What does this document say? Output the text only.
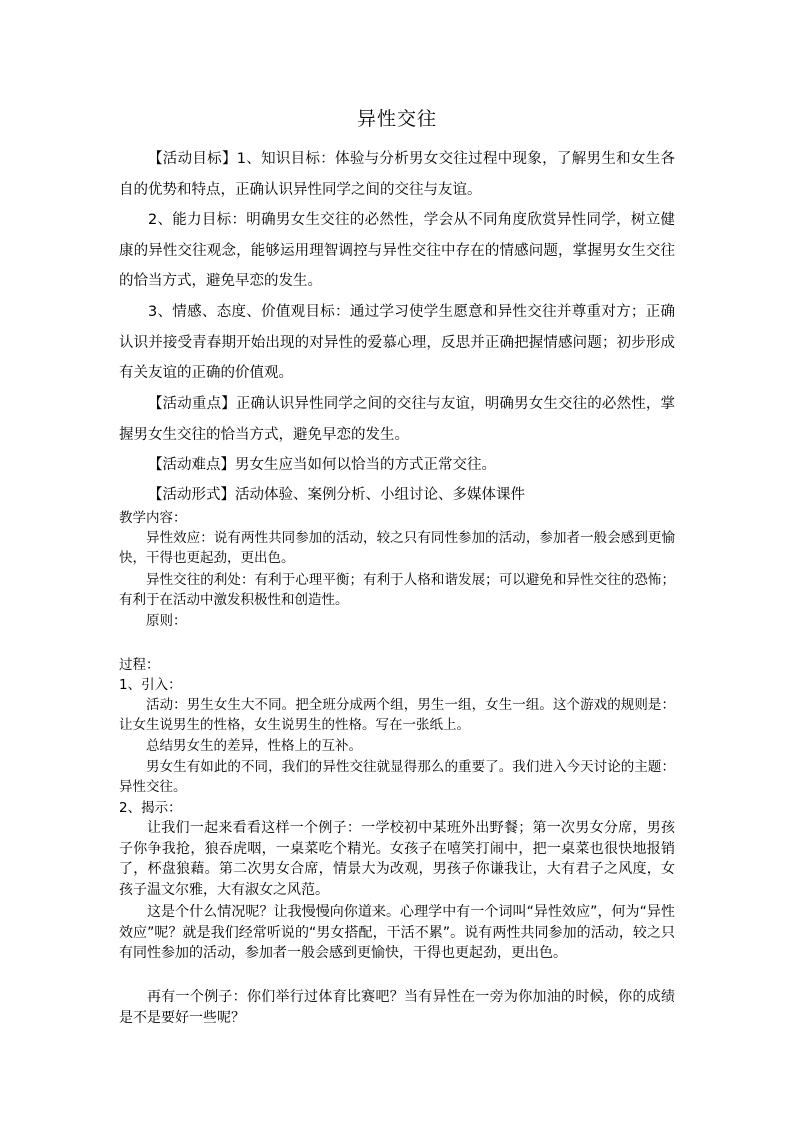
异性交往

【活动目标】1、知识目标：体验与分析男女交往过程中现象，了解男生和女生各自的优势和特点，正确认识异性同学之间的交往与友谊。

2、能力目标：明确男女生交往的必然性，学会从不同角度欣赏异性同学，树立健康的异性交往观念，能够运用理智调控与异性交往中存在的情感问题，掌握男女生交往的恰当方式，避免早恋的发生。

3、情感、态度、价值观目标：通过学习使学生愿意和异性交往并尊重对方；正确认识并接受青春期开始出现的对异性的爱慕心理，反思并正确把握情感问题；初步形成有关友谊的正确的价值观。

【活动重点】正确认识异性同学之间的交往与友谊，明确男女生交往的必然性，掌握男女生交往的恰当方式，避免早恋的发生。

【活动难点】男女生应当如何以恰当的方式正常交往。

【活动形式】活动体验、案例分析、小组讨论、多媒体课件

教学内容：

异性效应：说有两性共同参加的活动，较之只有同性参加的活动，参加者一般会感到更愉快，干得也更起劲，更出色。

异性交往的利处：有利于心理平衡；有利于人格和谐发展；可以避免和异性交往的恐怖；有利于在活动中激发积极性和创造性。

原则：

过程：

1、引入：

活动：男生女生大不同。把全班分成两个组，男生一组，女生一组。这个游戏的规则是：让女生说男生的性格，女生说男生的性格。写在一张纸上。

总结男女生的差异，性格上的互补。

男女生有如此的不同，我们的异性交往就显得那么的重要了。我们进入今天讨论的主题：异性交往。

2、揭示：

让我们一起来看看这样一个例子：一学校初中某班外出野餐；第一次男女分席，男孩子你争我抢，狼吞虎咽，一桌菜吃个精光。女孩子在嘻笑打闹中，把一桌菜也很快地报销了，杯盘狼藉。第二次男女合席，情景大为改观，男孩子你谦我让，大有君子之风度，女孩子温文尔雅，大有淑女之风范。

这是个什么情况呢？让我慢慢向你道来。心理学中有一个词叫“异性效应”，何为“异性效应”呢？就是我们经常听说的“男女搭配，干活不累”。说有两性共同参加的活动，较之只有同性参加的活动，参加者一般会感到更愉快，干得也更起劲，更出色。

再有一个例子：你们举行过体育比赛吧？当有异性在一旁为你加油的时候，你的成绩是不是要好一些呢？
